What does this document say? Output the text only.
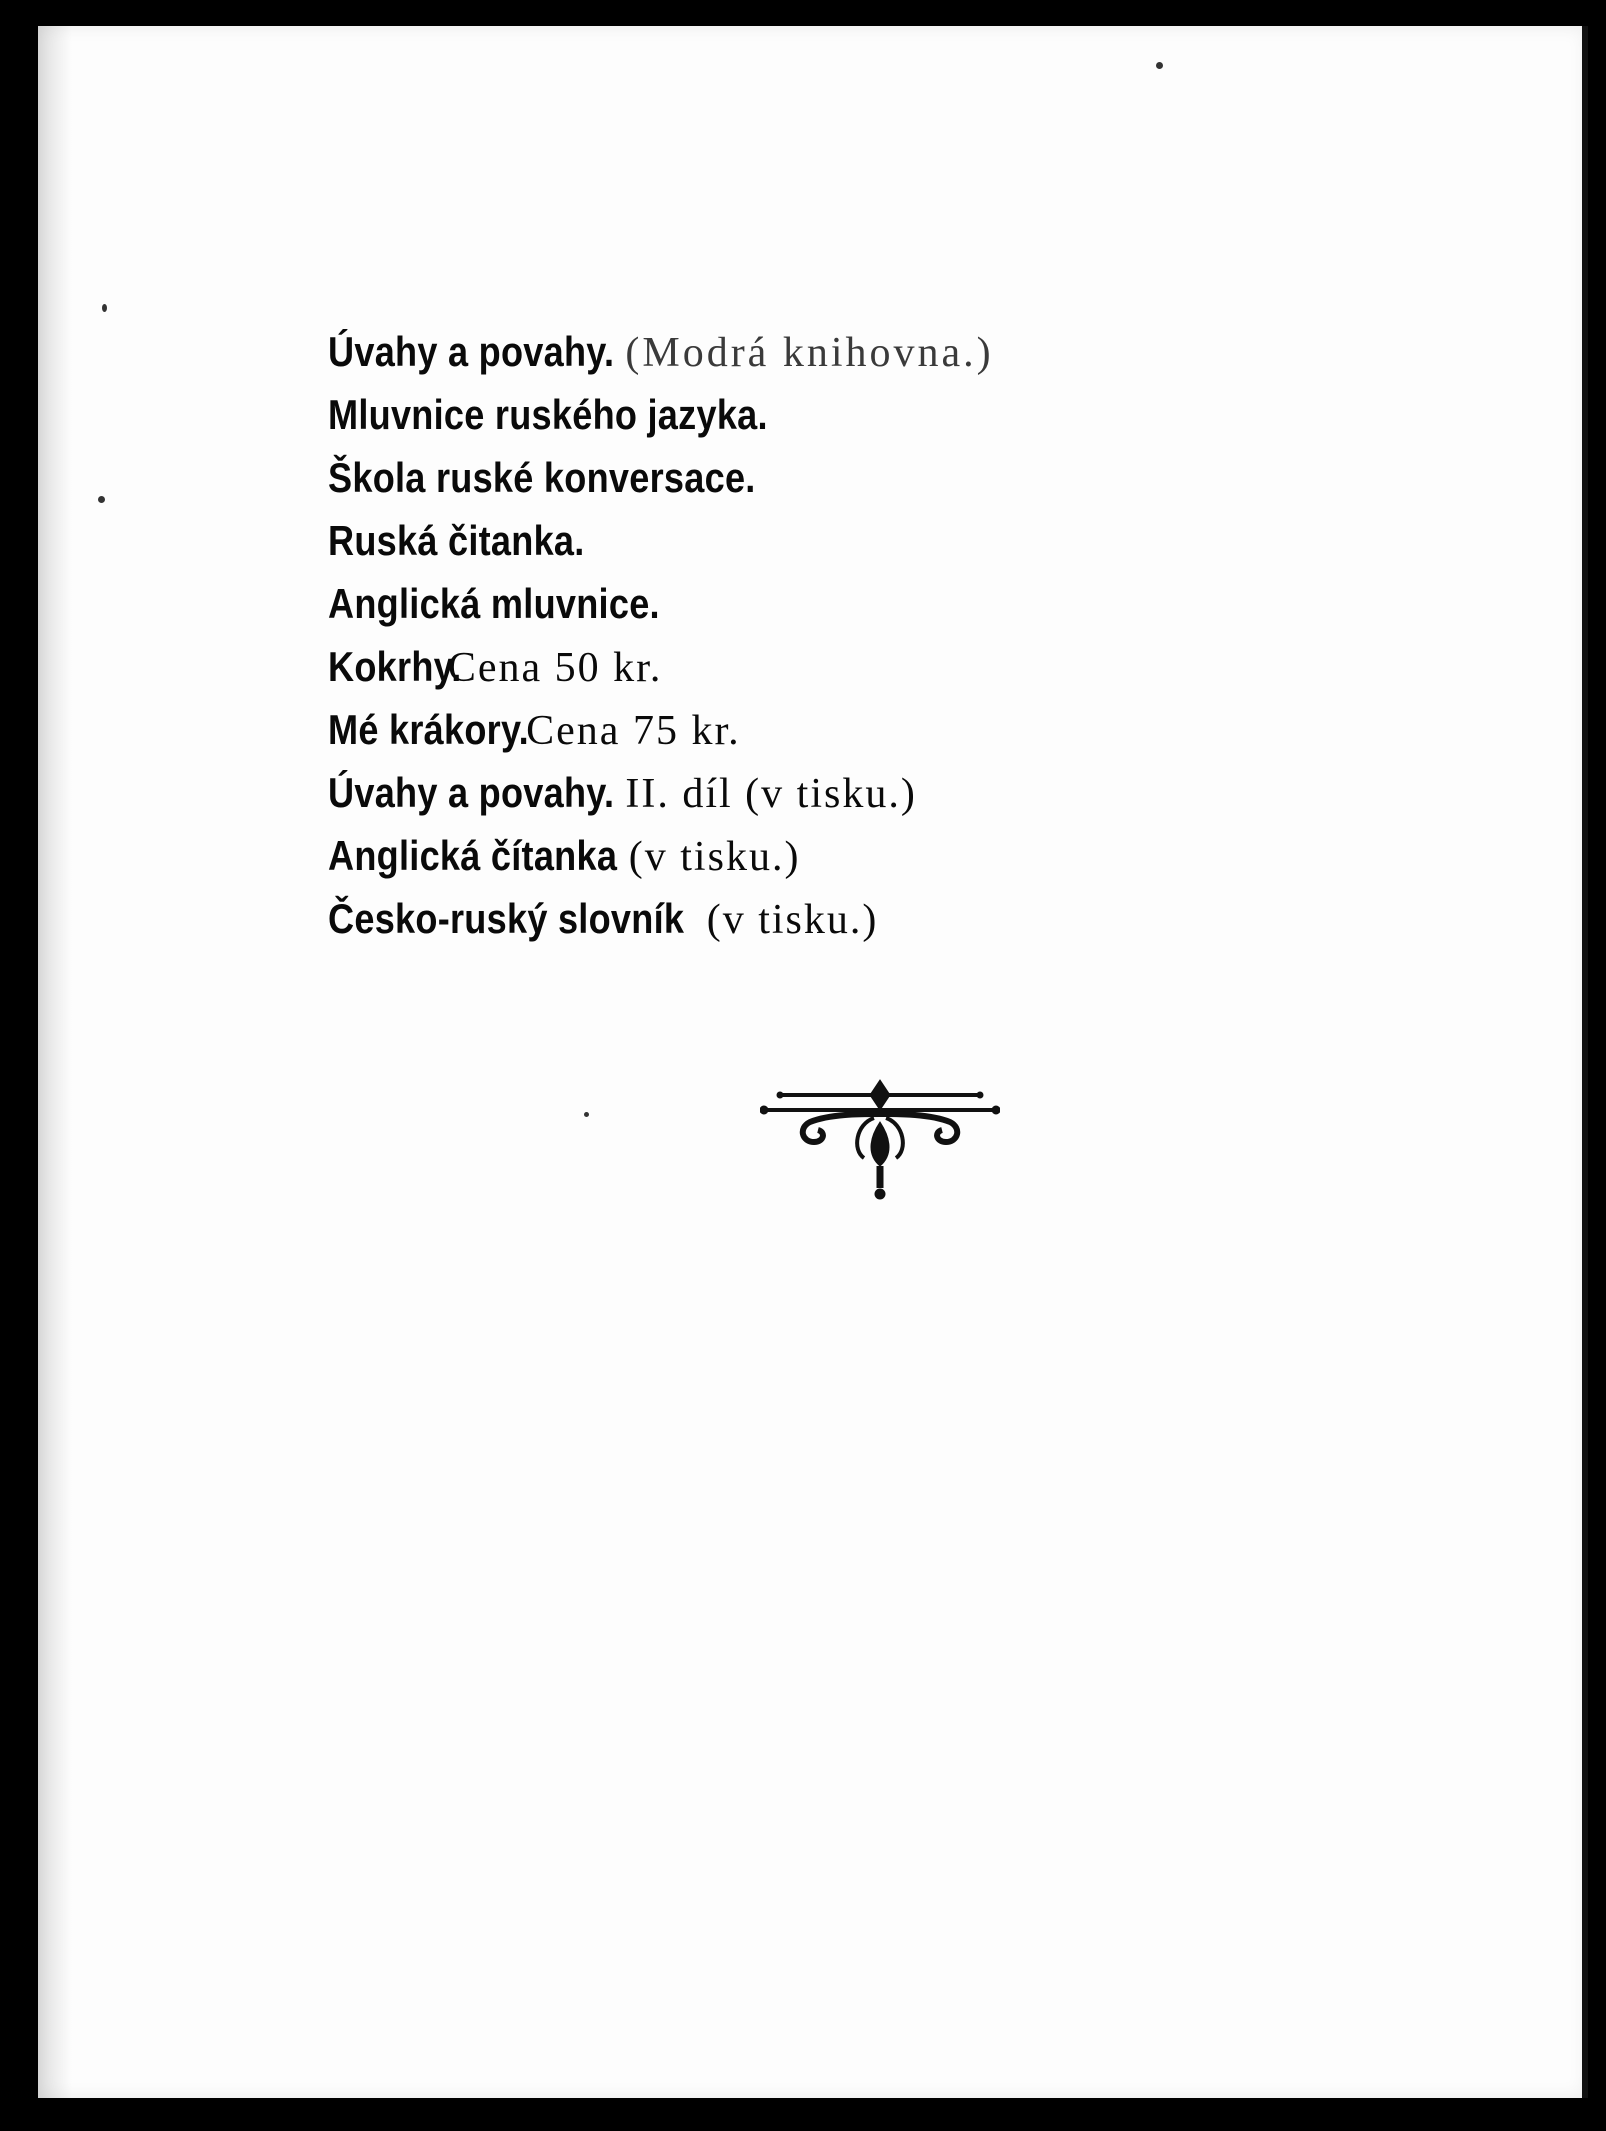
Úvahy a povahy. (Modrá knihovna.)
Mluvnice ruského jazyka.
Škola ruské konversace.
Ruská čitanka.
Anglická mluvnice.
Kokrhy. Cena 50 kr.
Mé krákory. Cena 75 kr.
Úvahy a povahy. II. díl (v tisku.)
Anglická čítanka (v tisku.)
Česko-ruský slovník (v tisku.)
